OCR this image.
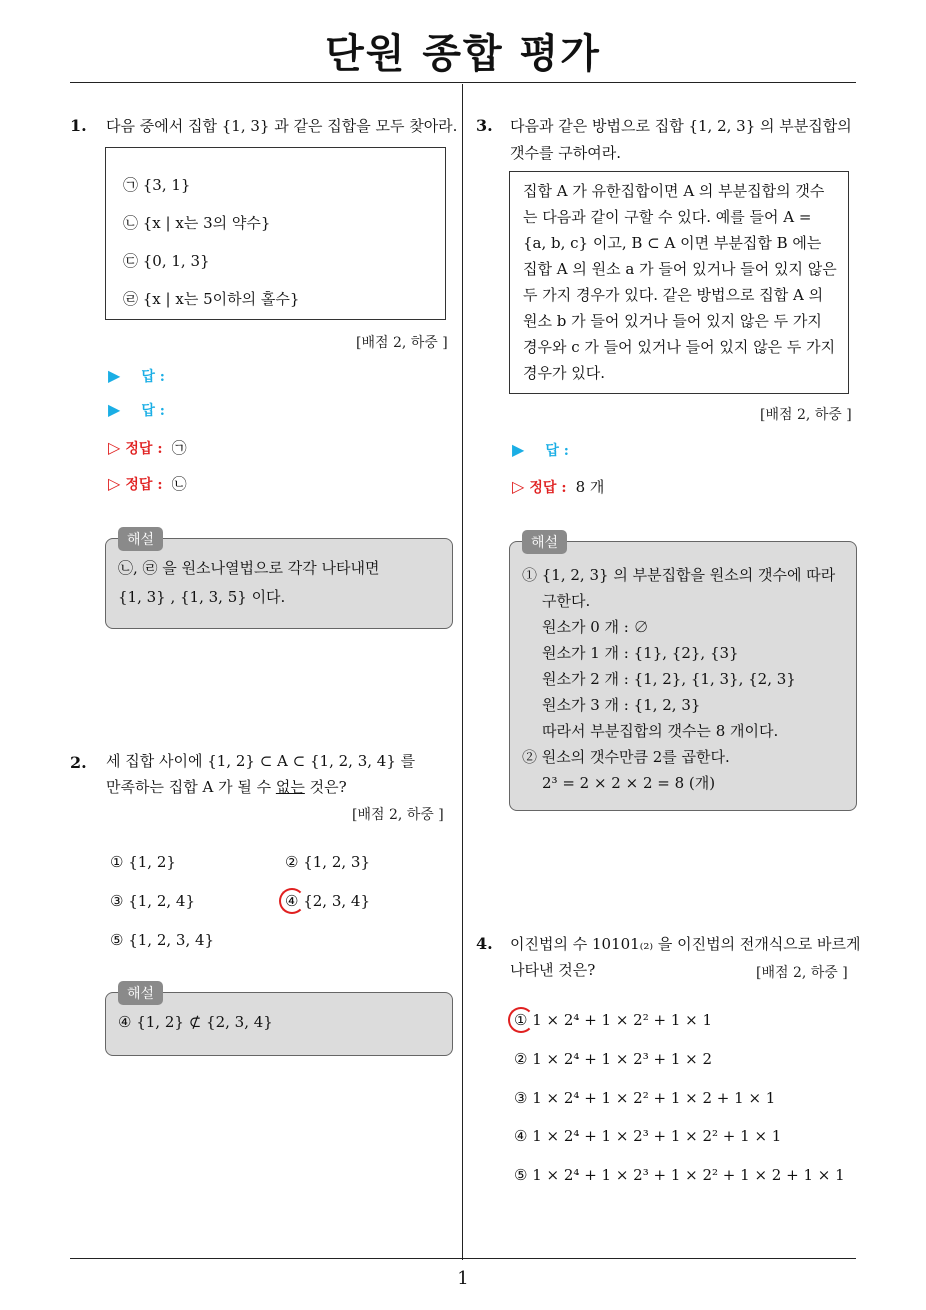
단원 종합 평가
1
1. 다음 중에서 집합 {1, 3} 과 같은 집합을 모두 찾아라.
㉠ {3, 1}
㉡ {x | x는 3의 약수}
㉢ {0, 1, 3}
㉣ {x | x는 5이하의 홀수}
[배점 2, 하중 ]
▶ 답 :
▶ 답 :
▷ 정답 : ㉠
▷ 정답 : ㉡
㉡, ㉣ 을 원소나열법으로 각각 나타내면
{1, 3} , {1, 3, 5} 이다.
해설
2. 세 집합 사이에 {1, 2} ⊂ A ⊂ {1, 2, 3, 4} 를
만족하는 집합 A 가 될 수 없는 것은?
[배점 2, 하중 ]
① {1, 2}	② {1, 2, 3}
③ {1, 2, 4}	④ {2, 3, 4}
⑤ {1, 2, 3, 4}
④ {1, 2} ⊄ {2, 3, 4}
해설
3. 다음과 같은 방법으로 집합 {1, 2, 3} 의 부분집합의
갯수를 구하여라.
집합 A 가 유한집합이면 A 의 부분집합의 갯수
는 다음과 같이 구할 수 있다. 예를 들어 A =
{a, b, c} 이고, B ⊂ A 이면 부분집합 B 에는
집합 A 의 원소 a 가 들어 있거나 들어 있지 않은
두 가지 경우가 있다. 같은 방법으로 집합 A 의
원소 b 가 들어 있거나 들어 있지 않은 두 가지
경우와 c 가 들어 있거나 들어 있지 않은 두 가지
경우가 있다.
[배점 2, 하중 ]
▶ 답 :
▷ 정답 : 8 개
① {1, 2, 3} 의 부분집합을 원소의 갯수에 따라
구한다.
원소가 0 개 : ∅
원소가 1 개 : {1}, {2}, {3}
원소가 2 개 : {1, 2}, {1, 3}, {2, 3}
원소가 3 개 : {1, 2, 3}
따라서 부분집합의 갯수는 8 개이다.
② 원소의 갯수만큼 2를 곱한다.
2³ = 2 × 2 × 2 = 8 (개)
해설
4. 이진법의 수 10101₍₂₎ 을 이진법의 전개식으로 바르게
나타낸 것은?	[배점 2, 하중 ]
① 1 × 2⁴ + 1 × 2² + 1 × 1
② 1 × 2⁴ + 1 × 2³ + 1 × 2
③ 1 × 2⁴ + 1 × 2² + 1 × 2 + 1 × 1
④ 1 × 2⁴ + 1 × 2³ + 1 × 2² + 1 × 1
⑤ 1 × 2⁴ + 1 × 2³ + 1 × 2² + 1 × 2 + 1 × 1
